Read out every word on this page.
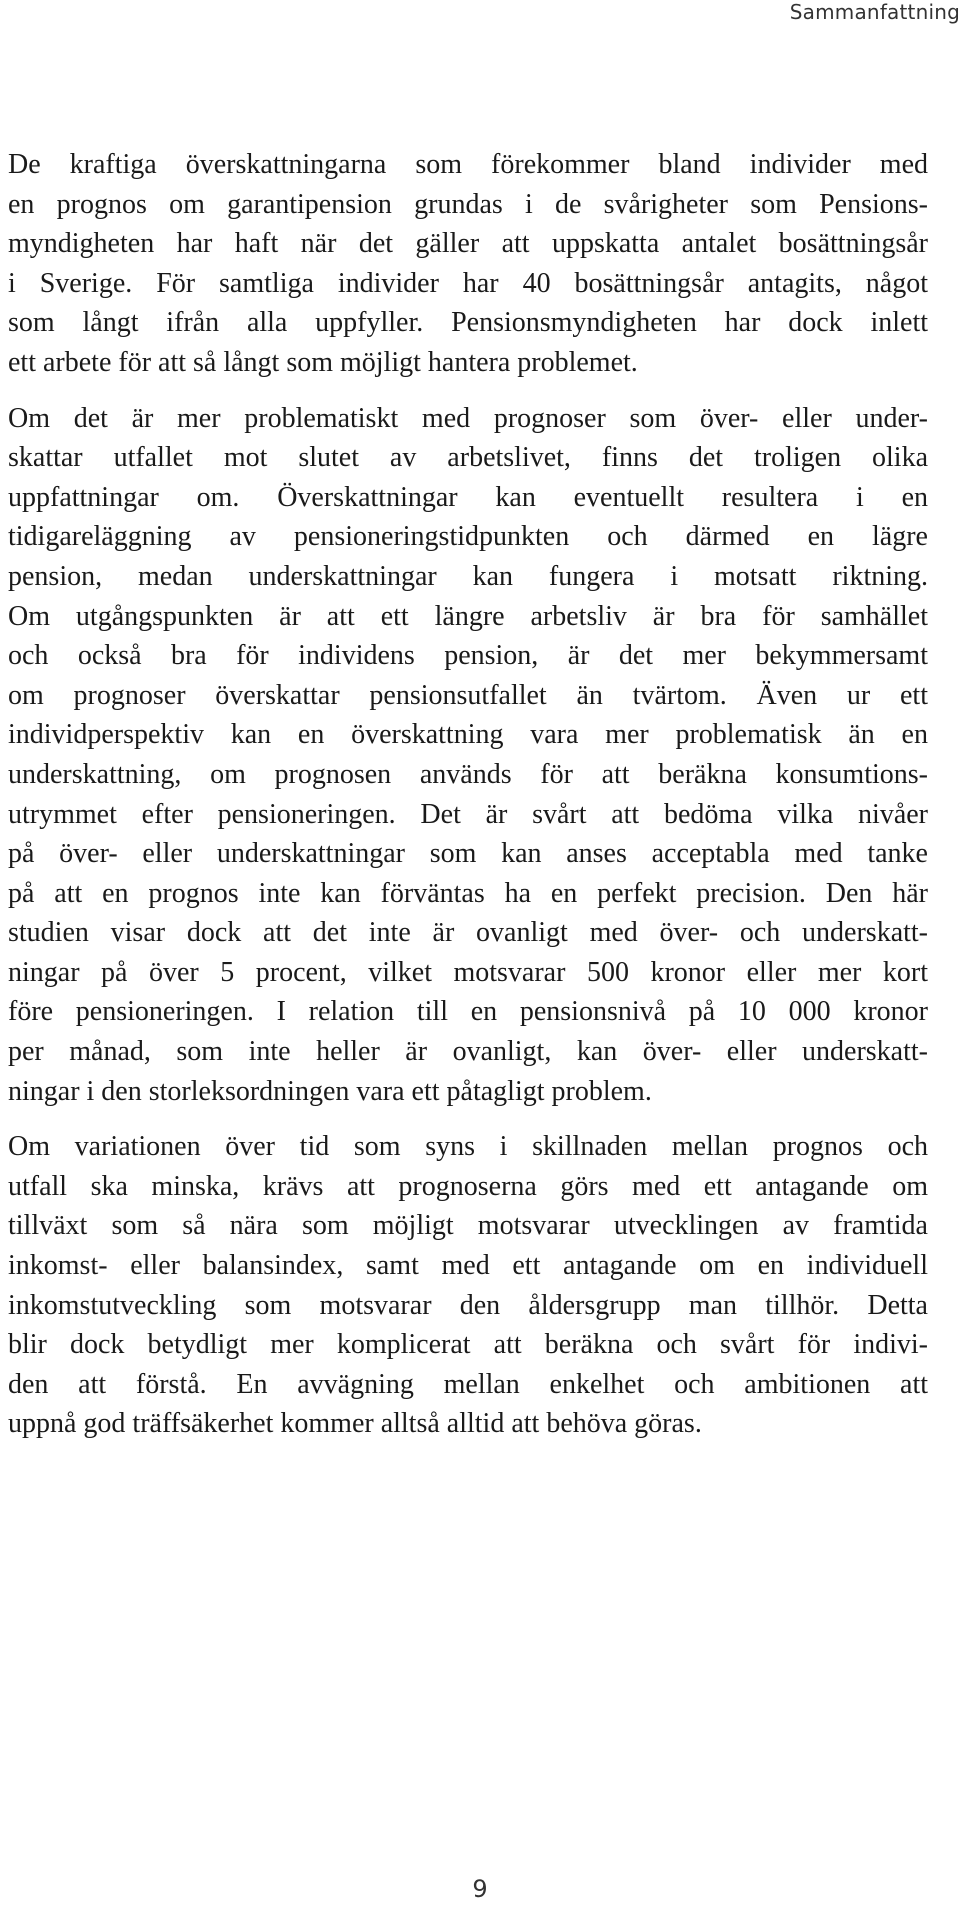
Sammanfattning
De kraftiga överskattningarna som förekommer bland individer med
en prognos om garantipension grundas i de svårigheter som Pensions-
myndigheten har haft när det gäller att uppskatta antalet bosättningsår
i Sverige. För samtliga individer har 40 bosättningsår antagits, något
som långt ifrån alla uppfyller. Pensionsmyndigheten har dock inlett
ett arbete för att så långt som möjligt hantera problemet.
Om det är mer problematiskt med prognoser som över- eller under-
skattar utfallet mot slutet av arbetslivet, finns det troligen olika
uppfattningar om. Överskattningar kan eventuellt resultera i en
tidigareläggning av pensioneringstidpunkten och därmed en lägre
pension, medan underskattningar kan fungera i motsatt riktning.
Om utgångspunkten är att ett längre arbetsliv är bra för samhället
och också bra för individens pension, är det mer bekymmersamt
om prognoser överskattar pensionsutfallet än tvärtom. Även ur ett
individperspektiv kan en överskattning vara mer problematisk än en
underskattning, om prognosen används för att beräkna konsumtions-
utrymmet efter pensioneringen. Det är svårt att bedöma vilka nivåer
på över- eller underskattningar som kan anses acceptabla med tanke
på att en prognos inte kan förväntas ha en perfekt precision. Den här
studien visar dock att det inte är ovanligt med över- och underskatt-
ningar på över 5 procent, vilket motsvarar 500 kronor eller mer kort
före pensioneringen. I relation till en pensionsnivå på 10 000 kronor
per månad, som inte heller är ovanligt, kan över- eller underskatt-
ningar i den storleksordningen vara ett påtagligt problem.
Om variationen över tid som syns i skillnaden mellan prognos och
utfall ska minska, krävs att prognoserna görs med ett antagande om
tillväxt som så nära som möjligt motsvarar utvecklingen av framtida
inkomst- eller balansindex, samt med ett antagande om en individuell
inkomstutveckling som motsvarar den åldersgrupp man tillhör. Detta
blir dock betydligt mer komplicerat att beräkna och svårt för indivi-
den att förstå. En avvägning mellan enkelhet och ambitionen att
uppnå god träffsäkerhet kommer alltså alltid att behöva göras.
9
